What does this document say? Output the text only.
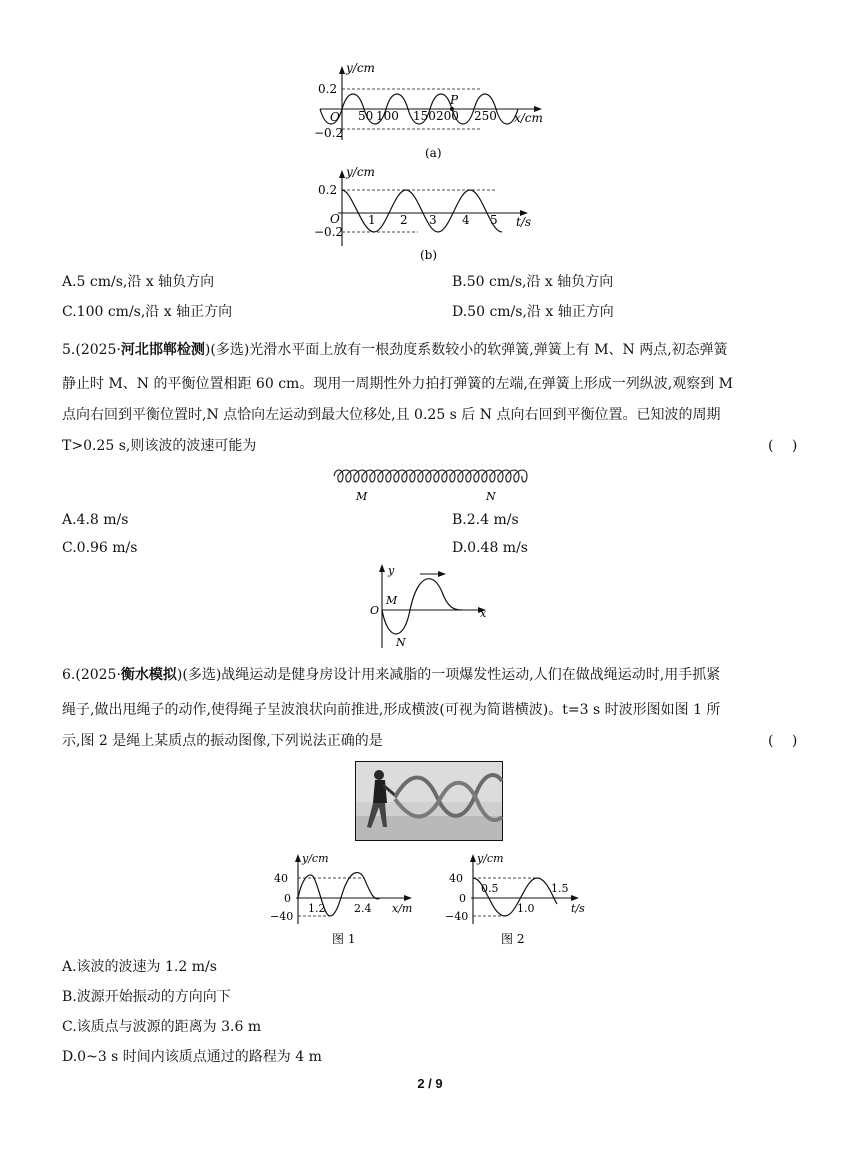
y/cm
0.2
−0.2
O 50 100 150 200 250
P
x/cm
(a)
y/cm
0.2
−0.2
O 1 2 3 4 5 t/s
(b)
A.5 cm/s,沿 x 轴负方向	B.50 cm/s,沿 x 轴负方向
C.100 cm/s,沿 x 轴正方向	D.50 cm/s,沿 x 轴正方向
5.(2025·河北邯郸检测)(多选)光滑水平面上放有一根劲度系数较小的软弹簧,弹簧上有 M、N 两点,初态弹簧
静止时 M、N 的平衡位置相距 60 cm。现用一周期性外力拍打弹簧的左端,在弹簧上形成一列纵波,观察到 M
点向右回到平衡位置时,N 点恰向左运动到最大位移处,且 0.25 s 后 N 点向右回到平衡位置。已知波的周期
T>0.25 s,则该波的波速可能为	(　 )
M	N
A.4.8 m/s	B.2.4 m/s
C.0.96 m/s	D.0.48 m/s
y
O
M
N
x
6.(2025·衡水模拟)(多选)战绳运动是健身房设计用来减脂的一项爆发性运动,人们在做战绳运动时,用手抓紧
绳子,做出甩绳子的动作,使得绳子呈波浪状向前推进,形成横波(可视为简谐横波)。t=3 s 时波形图如图 1 所
示,图 2 是绳上某质点的振动图像,下列说法正确的是	(　 )
y/cm
40
0
−40
1.2	2.4 x/m
图 1
y/cm
40
0
−40
0.5
1.0
1.5
t/s
图 2
A.该波的波速为 1.2 m/s
B.波源开始振动的方向向下
C.该质点与波源的距离为 3.6 m
D.0~3 s 时间内该质点通过的路程为 4 m
2 / 9
